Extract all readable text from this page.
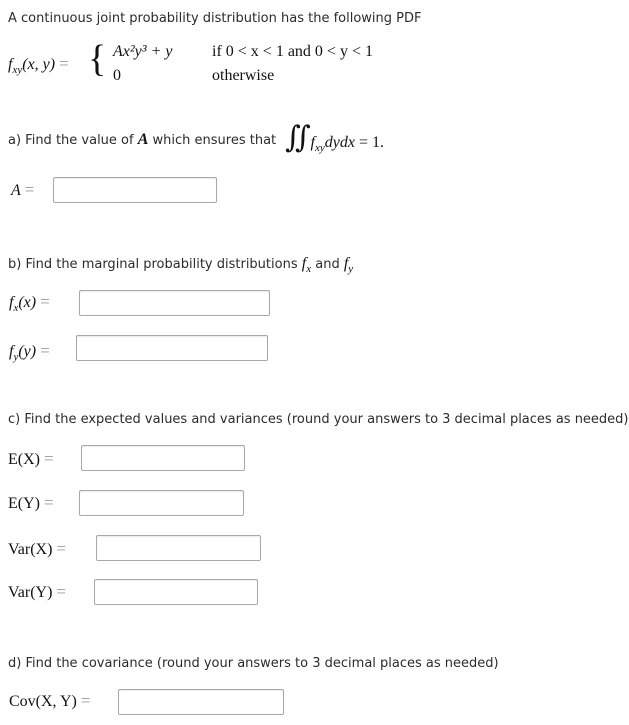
A continuous joint probability distribution has the following PDF
$f_{xy}(x$, y) = { Ax²y³ + y if 0 < x < 1 and 0 < y < 1
0	otherwise
a) Find the value of A which ensures that $∬f_{xy}dydx = 1$.
A =
b) Find the marginal probability distributions $f_x$ and $f_y$
$f_x(x)$ =
$f_y(y)$ =
c) Find the expected values and variances (round your answers to 3 decimal places as needed)
E(X) =
E(Y) =
Var(X) =
Var(Y) =
d) Find the covariance (round your answers to 3 decimal places as needed)
Cov(X, Y) =
